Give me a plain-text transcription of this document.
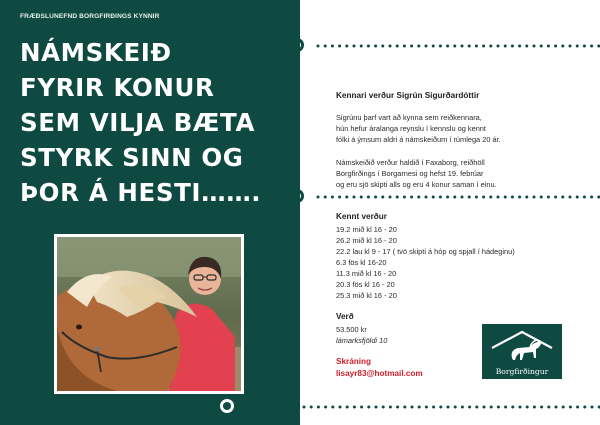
FRÆÐSLUNEFND BORGFIRÐINGS KYNNIR
NÁMSKEIÐ
FYRIR KONUR
SEM VILJA BÆTA
STYRK SINN OG
ÞOR Á HESTI…….
Kennari verður Sigrún Sigurðardóttir
Sigrúnu þarf vart að kynna sem reiðkennara,
hún hefur áralanga reynslu í kennslu og kennt
fólki á ýmsum aldri á námskeiðum í rúmlega 20 ár.
Námskeiðið verður haldið í Faxaborg, reiðhöll
Borgfirðings í Borgarnesi og hefst 19. febrúar
og eru sjö skipti alls og eru 4 konur saman í einu.
Kennt verður
19.2 mið kl 16 - 20
26.2 mið kl 16 - 20
22.2 lau kl 9 - 17 ( tvö skipti á hóp og spjall í hádeginu)
6.3 fös kl 16-20
11.3 mið kl 16 - 20
20.3 fös kl 16 - 20
25.3 mið kl 16 - 20
Verð
53.500 kr
lámarksfjöldi 10
Skráning
lisayr83@hotmail.com	Borgfirðingur
